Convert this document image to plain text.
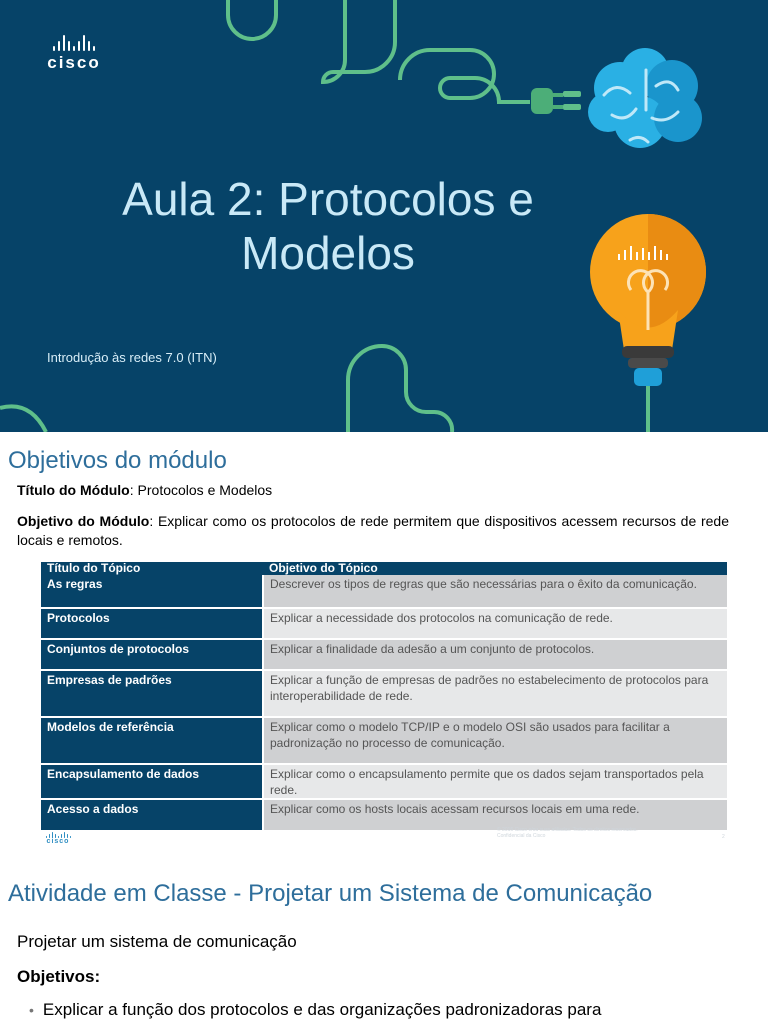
cisco
Aula 2: Protocolos e
Modelos
Introdução às redes 7.0 (ITN)
Objetivos do módulo

Título do Módulo: Protocolos e Modelos

Objetivo do Módulo: Explicar como os protocolos de rede permitem que dispositivos acessem recursos de rede locais e remotos.

Título do Tópico	Objetivo do Tópico
As regras	Descrever os tipos de regras que são necessárias para o êxito da comunicação.
Protocolos	Explicar a necessidade dos protocolos na comunicação de rede.
Conjuntos de protocolos	Explicar a finalidade da adesão a um conjunto de protocolos.
Empresas de padrões	Explicar a função de empresas de padrões no estabelecimento de protocolos para interoperabilidade de rede.
Modelos de referência	Explicar como o modelo TCP/IP e o modelo OSI são usados para facilitar a padronização no processo de comunicação.
Encapsulamento de dados	Explicar como o encapsulamento permite que os dados sejam transportados pela rede.
Acesso a dados	Explicar como os hosts locais acessam recursos locais em uma rede.
cisco
© 2016 Cisco e/ou suas afiliadas. Todos os direitos reservados.
Confidencial da Cisco	2
Atividade em Classe - Projetar um Sistema de Comunicação

Projetar um sistema de comunicação

Objetivos:

• Explicar a função dos protocolos e das organizações padronizadoras para
